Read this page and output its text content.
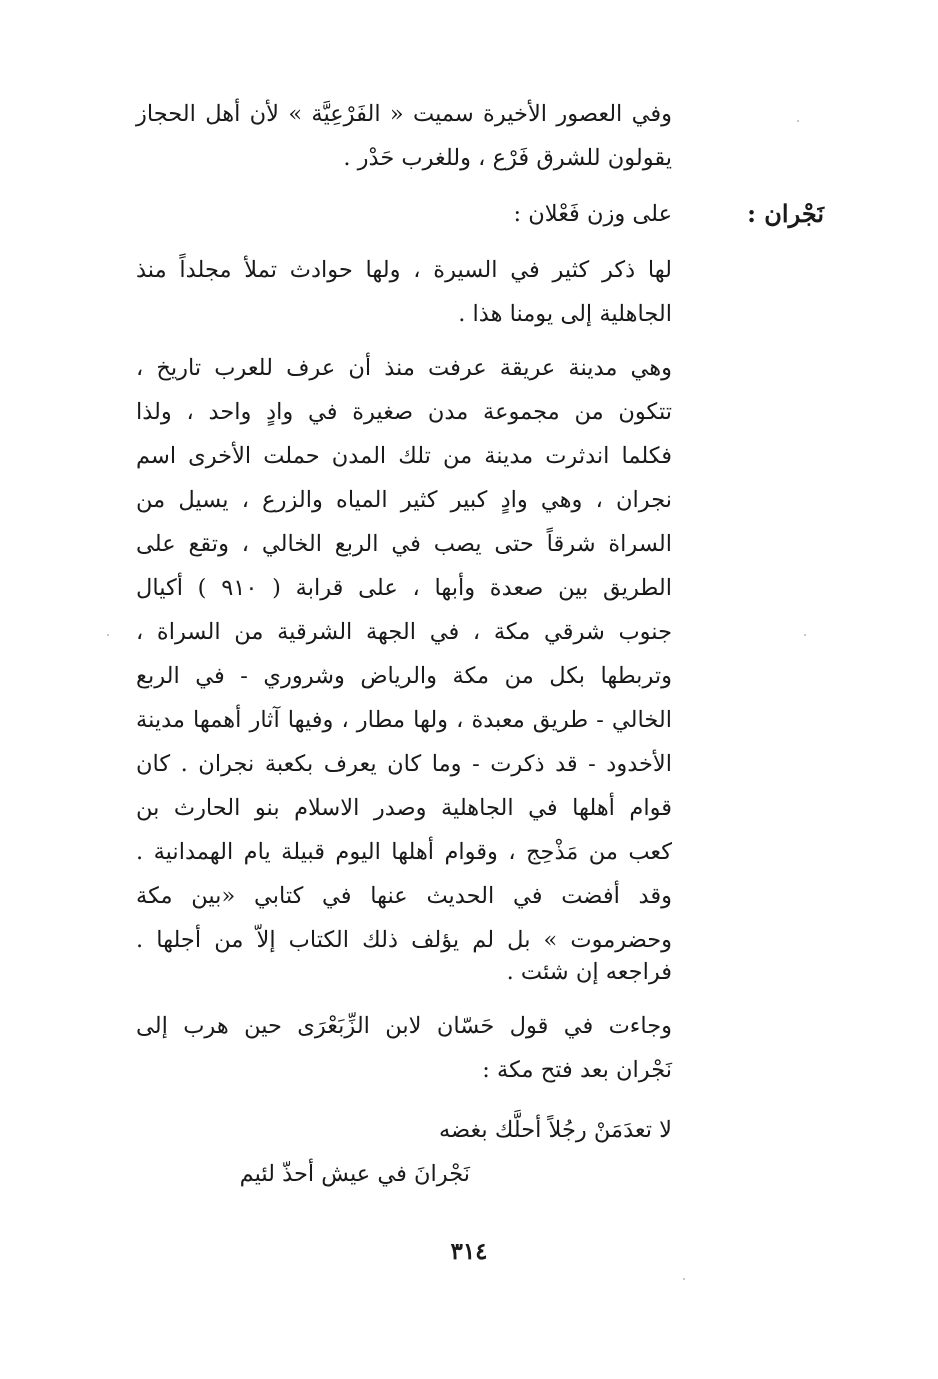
وفي العصور الأخيرة سميت « الفَرْعِيَّة » لأن أهل الحجاز
يقولون للشرق فَرْع ، وللغرب حَدْر .
نَجْران :
على وزن فَعْلان :
لها ذكر كثير في السيرة ، ولها حوادث تملأ مجلداً منذ
الجاهلية إلى يومنا هذا .
وهي مدينة عريقة عرفت منذ أن عرف للعرب تاريخ ،
تتكون من مجموعة مدن صغيرة في وادٍ واحد ، ولذا
فكلما اندثرت مدينة من تلك المدن حملت الأخرى اسم
نجران ، وهي وادٍ كبير كثير المياه والزرع ، يسيل من
السراة شرقاً حتى يصب في الربع الخالي ، وتقع على
الطريق بين صعدة وأبها ، على قرابة ( ٩١٠ ) أكيال
جنوب شرقي مكة ، في الجهة الشرقية من السراة ،
وتربطها بكل من مكة والرياض وشروري - في الربع
الخالي - طريق معبدة ، ولها مطار ، وفيها آثار أهمها مدينة
الأخدود - قد ذكرت - وما كان يعرف بكعبة نجران . كان
قوام أهلها في الجاهلية وصدر الاسلام بنو الحارث بن
كعب من مَذْحِج ، وقوام أهلها اليوم قبيلة يام الهمدانية .
وقد أفضت في الحديث عنها في كتابي «بين مكة
وحضرموت » بل لم يؤلف ذلك الكتاب إلاّ من أجلها .
فراجعه إن شئت .
وجاءت في قول حَسّان لابن الزِّبَعْرَى حين هرب إلى
نَجْران بعد فتح مكة :
لا تعدَمَنْ رجُلاً أحلَّك بغضه
نَجْرانَ في عيش أحذّ لئيم
٣١٤
